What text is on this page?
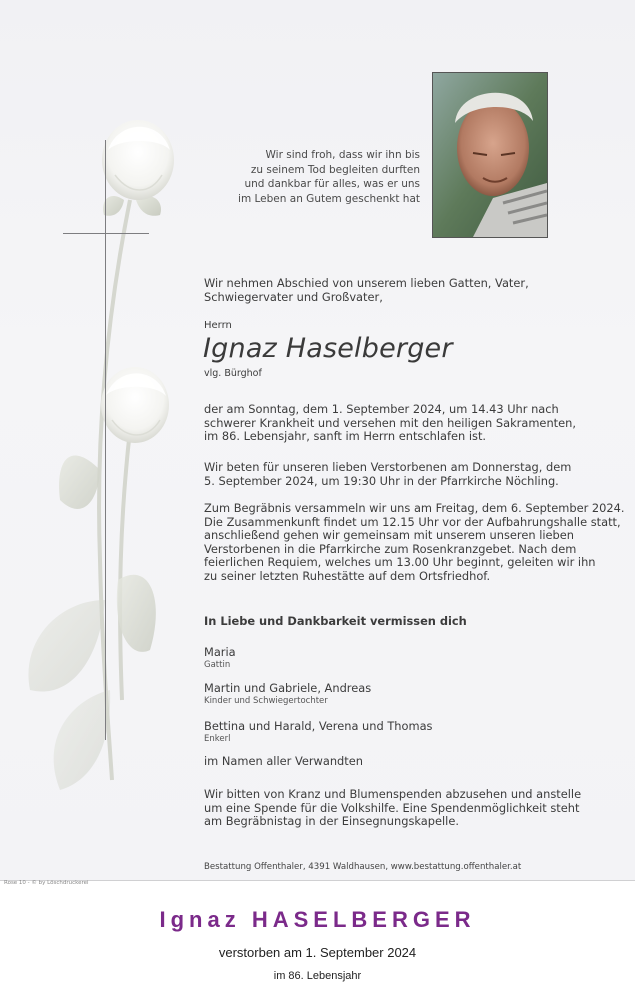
Wir sind froh, dass wir ihn bis
zu seinem Tod begleiten durften
und dankbar für alles, was er uns
im Leben an Gutem geschenkt hat
Wir nehmen Abschied von unserem lieben Gatten, Vater,
Schwiegervater und Großvater,
Herrn
Ignaz Haselberger
vlg. Bürghof
der am Sonntag, dem 1. September 2024, um 14.43 Uhr nach
schwerer Krankheit und versehen mit den heiligen Sakramenten,
im 86. Lebensjahr, sanft im Herrn entschlafen ist.
Wir beten für unseren lieben Verstorbenen am Donnerstag, dem
5. September 2024, um 19:30 Uhr in der Pfarrkirche Nöchling.
Zum Begräbnis versammeln wir uns am Freitag, dem 6. September 2024.
Die Zusammenkunft findet um 12.15 Uhr vor der Aufbahrungshalle statt,
anschließend gehen wir gemeinsam mit unserem unseren lieben
Verstorbenen in die Pfarrkirche zum Rosenkranzgebet. Nach dem
feierlichen Requiem, welches um 13.00 Uhr beginnt, geleiten wir ihn
zu seiner letzten Ruhestätte auf dem Ortsfriedhof.
In Liebe und Dankbarkeit vermissen dich
Maria
Gattin
Martin und Gabriele, Andreas
Kinder und Schwiegertochter
Bettina und Harald, Verena und Thomas
Enkerl
im Namen aller Verwandten
Wir bitten von Kranz und Blumenspenden abzusehen und anstelle
um eine Spende für die Volkshilfe. Eine Spendenmöglichkeit steht
am Begräbnistag in der Einsegnungskapelle.
Bestattung Offenthaler, 4391 Waldhausen, www.bestattung.offenthaler.at
Rose 10 - © by Löschdruckerei
Ignaz HASELBERGER
verstorben am 1. September 2024
im 86. Lebensjahr
